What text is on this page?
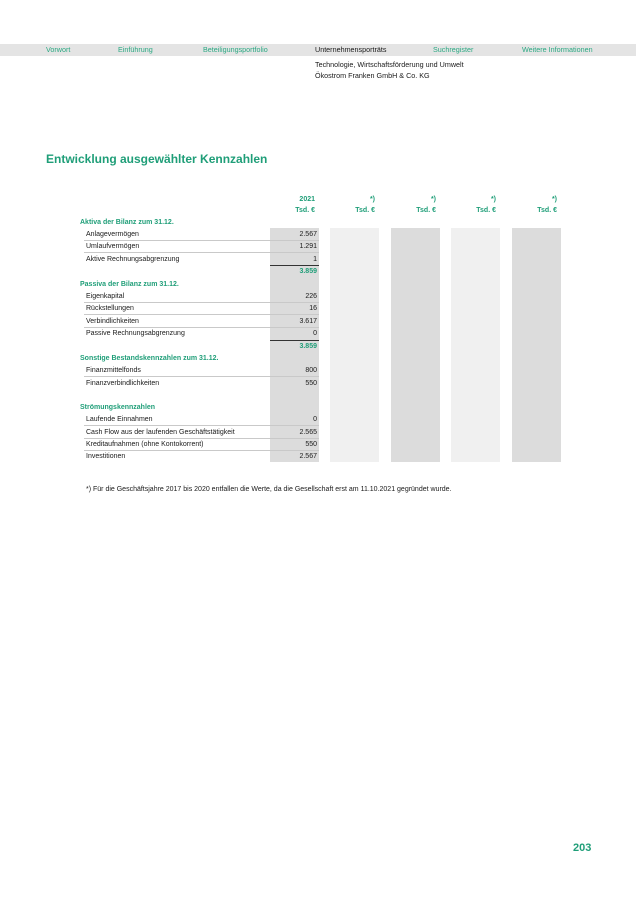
Vorwort	Einführung	Beteiligungsportfolio	Unternehmensporträts	Suchregister	Weitere Informationen
Technologie, Wirtschaftsförderung und Umwelt
Ökostrom Franken GmbH & Co. KG
Entwicklung ausgewählter Kennzahlen
2021	*)	*)	*)	*)
Tsd. €	Tsd. €	Tsd. €	Tsd. €	Tsd. €
Aktiva der Bilanz zum 31.12.
Anlagevermögen	2.567
Umlaufvermögen	1.291
Aktive Rechnungsabgrenzung	1
3.859
Passiva der Bilanz zum 31.12.
Eigenkapital	226
Rückstellungen	16
Verbindlichkeiten	3.617
Passive Rechnungsabgrenzung	0
3.859
Sonstige Bestandskennzahlen zum 31.12.
Finanzmittelfonds	800
Finanzverbindlichkeiten	550
Strömungskennzahlen
Laufende Einnahmen	0
Cash Flow aus der laufenden Geschäftstätigkeit	2.565
Kreditaufnahmen (ohne Kontokorrent)	550
Investitionen	2.567
*) Für die Geschäftsjahre 2017 bis 2020 entfallen die Werte, da die Gesellschaft erst am 11.10.2021 gegründet wurde.
203
